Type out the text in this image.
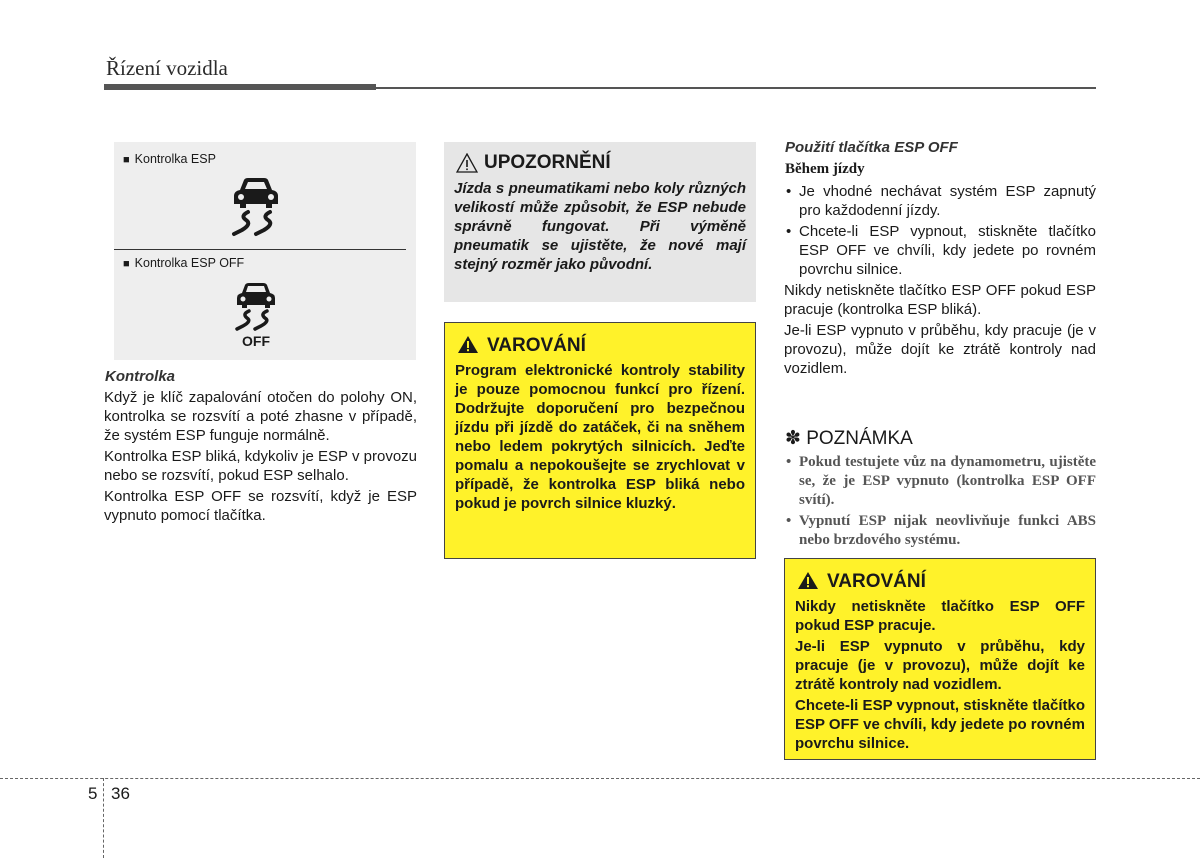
Řízení vozidla
■ Kontrolka ESP
■ Kontrolka ESP OFF
OFF
Kontrolka

Když je klíč zapalování otočen do polohy ON, kontrolka se rozsvítí a poté zhasne v případě, že systém ESP funguje normálně.

Kontrolka ESP bliká, kdykoliv je ESP v provozu nebo se rozsvítí, pokud ESP selhalo.

Kontrolka ESP OFF se rozsvítí, když je ESP vypnuto pomocí tlačítka.

UPOZORNĚNÍ
Jízda s pneumatikami nebo koly různých velikostí může způsobit, že ESP nebude správně fungovat. Při výměně pneumatik se ujistěte, že nové mají stejný rozměr jako původní.
VAROVÁNÍ

Program elektronické kontroly stability je pouze pomocnou funkcí pro řízení. Dodržujte doporučení pro bezpečnou jízdu při jízdě do zatáček, či na sněhem nebo ledem pokrytých silnicích. Jeďte pomalu a nepokoušejte se zrychlovat v případě, že kontrolka ESP bliká nebo pokud je povrch silnice kluzký.

Použití tlačítka ESP OFF
Během jízdy
• Je vhodné nechávat systém ESP zapnutý pro každodenní jízdy.
• Chcete-li ESP vypnout, stiskněte tlačítko ESP OFF ve chvíli, kdy jedete po rovném povrchu silnice.

Nikdy netiskněte tlačítko ESP OFF pokud ESP pracuje (kontrolka ESP bliká).

Je-li ESP vypnuto v průběhu, kdy pracuje (je v provozu), může dojít ke ztrátě kontroly nad vozidlem.

✽ POZNÁMKA
• Pokud testujete vůz na dynamometru, ujistěte se, že je ESP vypnuto (kontrolka ESP OFF svítí).
• Vypnutí ESP nijak neovlivňuje funkci ABS nebo brzdového systému.
VAROVÁNÍ

Nikdy netiskněte tlačítko ESP OFF pokud ESP pracuje.

Je-li ESP vypnuto v průběhu, kdy pracuje (je v provozu), může dojít ke ztrátě kontroly nad vozidlem.

Chcete-li ESP vypnout, stiskněte tlačítko ESP OFF ve chvíli, kdy jedete po rovném povrchu silnice.

5 36
